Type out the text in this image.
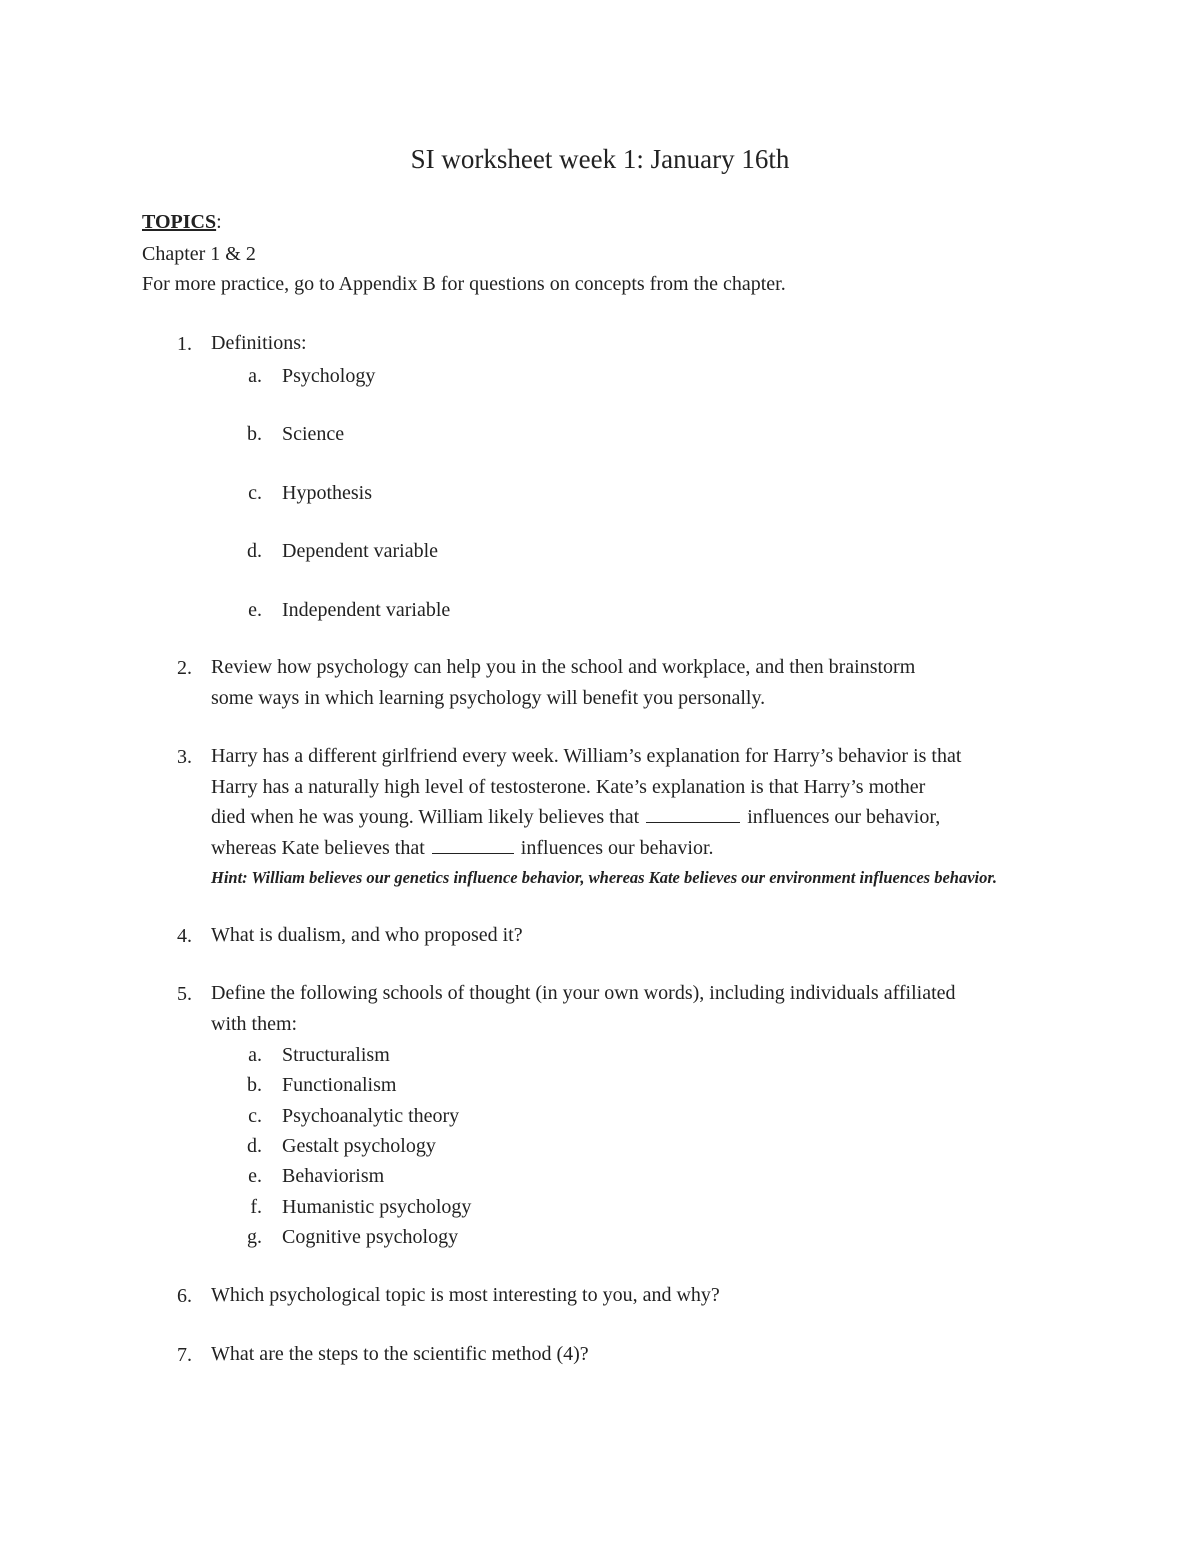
SI worksheet week 1: January 16th
TOPICS:
Chapter 1 & 2
For more practice, go to Appendix B for questions on concepts from the chapter.
1. Definitions:
a. Psychology
b. Science
c. Hypothesis
d. Dependent variable
e. Independent variable
2. Review how psychology can help you in the school and workplace, and then brainstorm
some ways in which learning psychology will benefit you personally.
3. Harry has a different girlfriend every week. William’s explanation for Harry’s behavior is that
Harry has a naturally high level of testosterone. Kate’s explanation is that Harry’s mother
died when he was young. William likely believes that	influences our behavior,
whereas Kate believes that	influences our behavior.
Hint: William believes our genetics influence behavior, whereas Kate believes our environment influences behavior.
4. What is dualism, and who proposed it?
5. Define the following schools of thought (in your own words), including individuals affiliated
with them:
a. Structuralism
b. Functionalism
c. Psychoanalytic theory
d. Gestalt psychology
e. Behaviorism
f. Humanistic psychology
g. Cognitive psychology
6. Which psychological topic is most interesting to you, and why?
7. What are the steps to the scientific method (4)?
